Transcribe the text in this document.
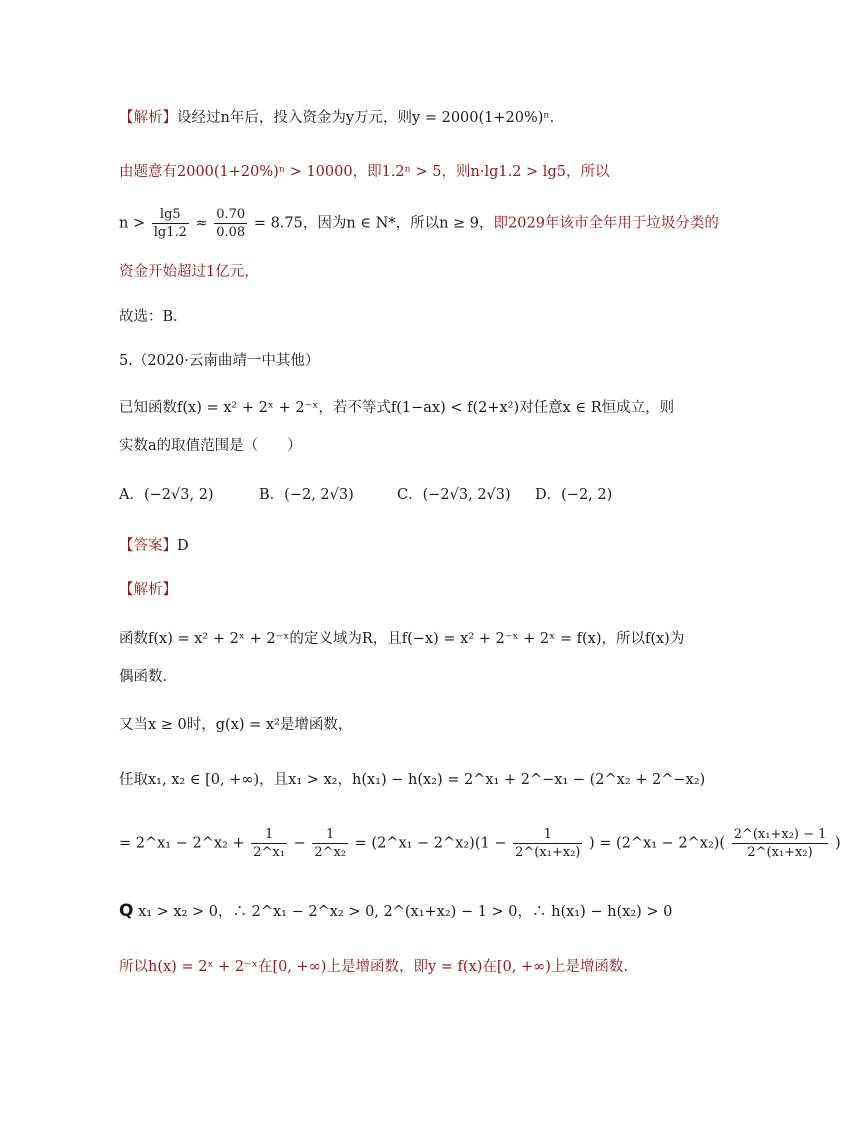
【解析】设经过n年后，投入资金为y万元，则y = 2000(1+20%)ⁿ.
由题意有2000(1+20%)ⁿ > 10000，即1.2ⁿ > 5，则n·lg1.2 > lg5，所以
$n > \frac{\lg 5}{\lg 1.2} \approx \frac{0.70}{0.08} = 8.75$，因为n ∈ N*，所以n ≥ 9，即2029年该市全年用于垃圾分类的
资金开始超过1亿元，
故选：B．
5.（2020·云南曲靖一中其他）
已知函数f(x) = x² + 2ˣ + 2⁻ˣ，若不等式f(1−ax) < f(2+x²)对任意x ∈ R恒成立，则
实数a的取值范围是（　　）
A．(−2√3, 2)	B．(−2, 2√3)	C．(−2√3, 2√3) D．(−2, 2)
【答案】D
【解析】
函数f(x) = x² + 2ˣ + 2⁻ˣ的定义域为R，且f(−x) = x² + 2⁻ˣ + 2ˣ = f(x)，所以f(x)为
偶函数.
又当x ≥ 0时，g(x) = x²是增函数，
任取x₁, x₂ ∈ [0, +∞)，且x₁ > x₂，h(x₁) − h(x₂) = 2^x₁ + 2^−x₁ − (2^x₂ + 2^−x₂)
= 2^x₁ − 2^x₂ + $\frac{1}{\text{2\textasciicircum{}x₁}} - \frac{1}{\text{2\textasciicircum{}x₂}}$ = (2^x₁ − 2^x₂)(1 − $\frac{1}{\text{2\textasciicircum{}(x₁+x₂)}}$ ) = (2^x₁ − 2^x₂)( $\frac{\text{2\textasciicircum{}(x₁+x₂) − 1}}{\text{2\textasciicircum{}(x₁+x₂)}}$ )
Q x₁ > x₂ > 0，∴ 2^x₁ − 2^x₂ > 0, 2^(x₁+x₂) − 1 > 0，∴ h(x₁) − h(x₂) > 0
所以h(x) = 2ˣ + 2⁻ˣ在[0, +∞)上是增函数，即y = f(x)在[0, +∞)上是增函数.
